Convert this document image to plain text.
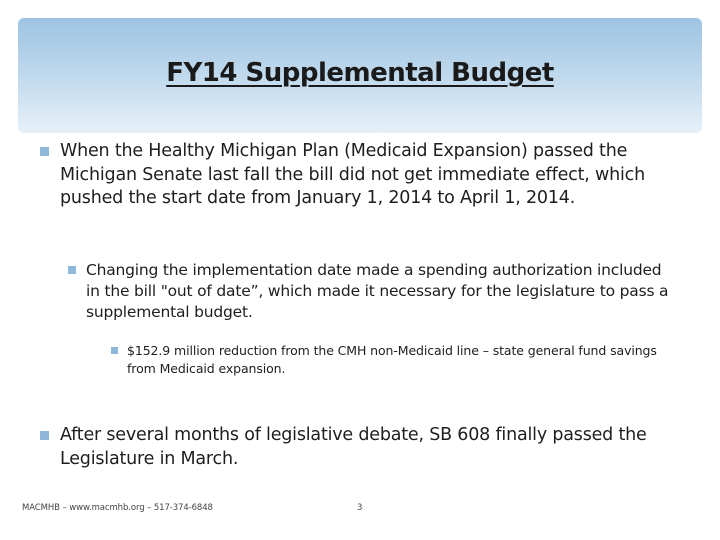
FY14 Supplemental Budget
When the Healthy Michigan Plan (Medicaid Expansion) passed the Michigan Senate last fall the bill did not get immediate effect, which pushed the start date from January 1, 2014 to April 1, 2014.
Changing the implementation date made a spending authorization included in the bill "out of date”, which made it necessary for the legislature to pass a supplemental budget.
$152.9 million reduction from the CMH non-Medicaid line – state general fund savings from Medicaid expansion.
After several months of legislative debate, SB 608 finally passed the Legislature in March.
MACMHB – www.macmhb.org – 517-374-6848	3
